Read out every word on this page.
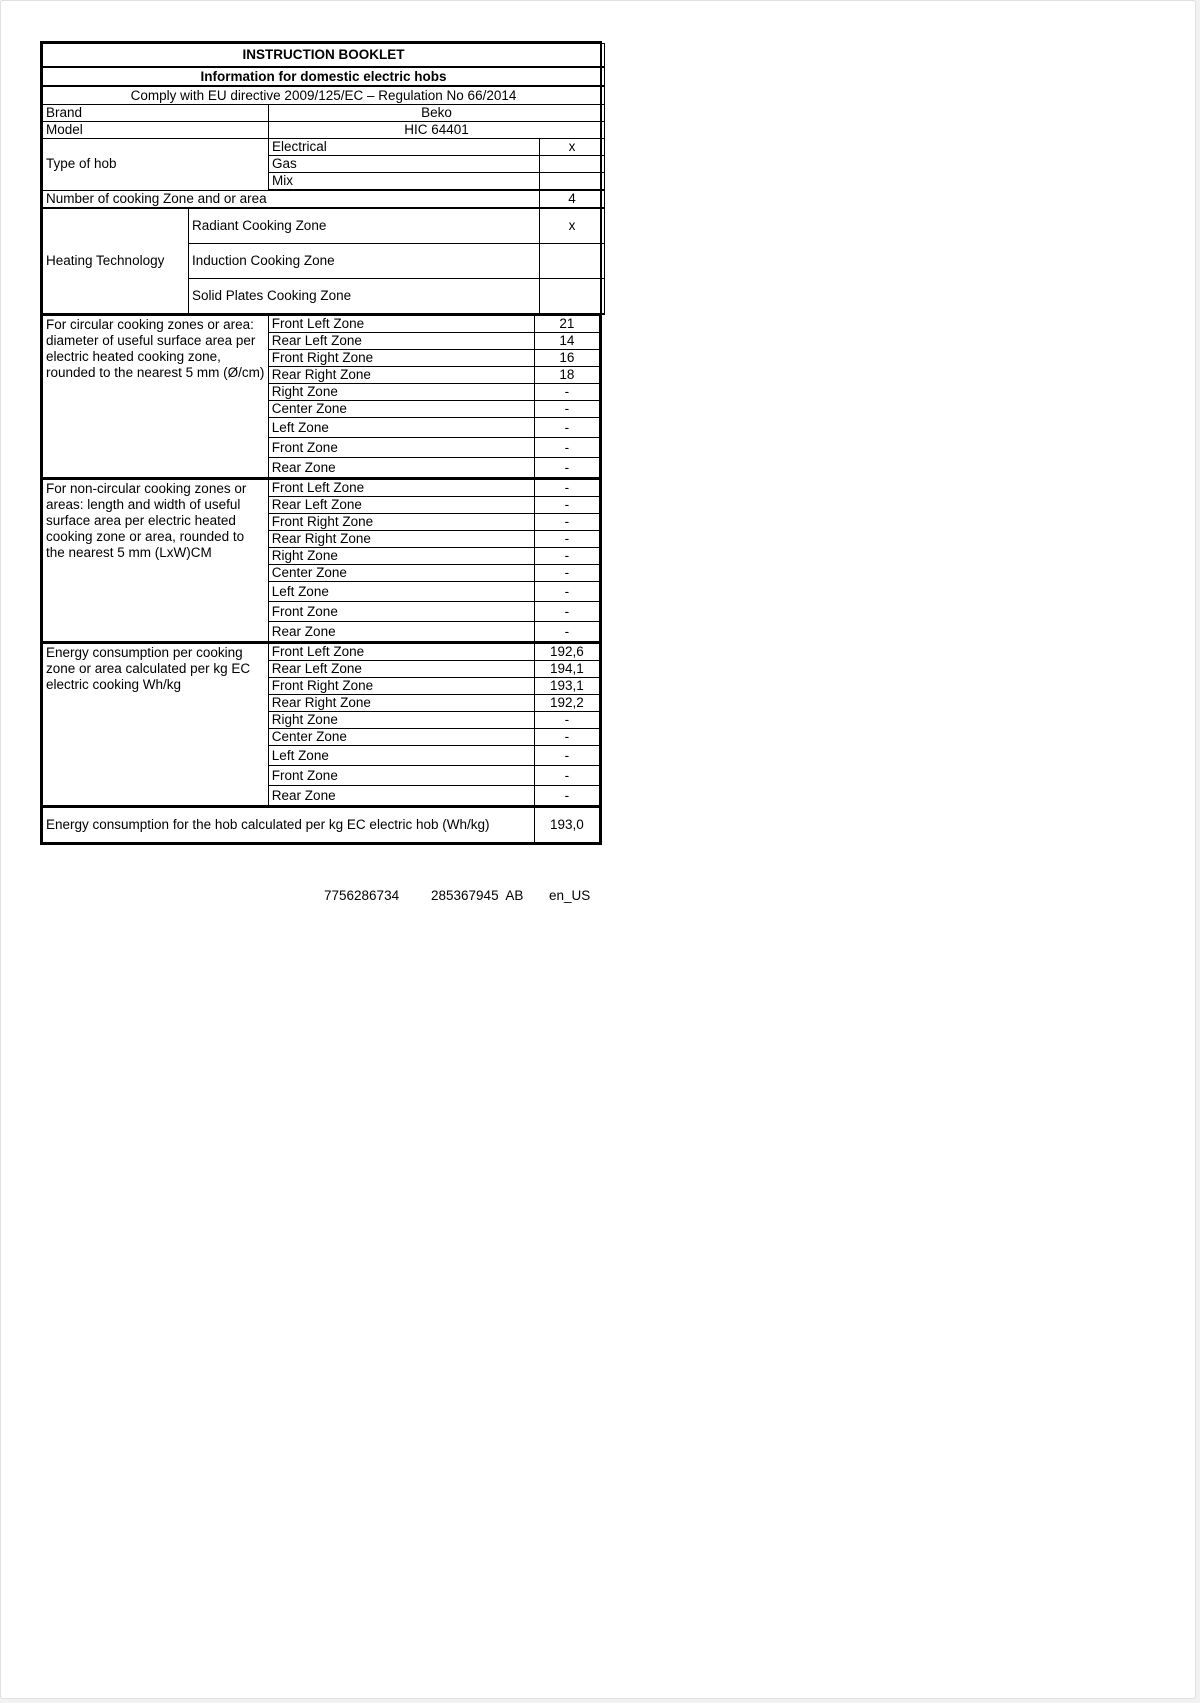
INSTRUCTION BOOKLET			
Information for domestic electric hobs			
Comply with EU directive 2009/125/EC – Regulation No 66/2014			
Brand		Beko	
Model		HIC 64401	
Type of hob		Electrical	x
		Gas	
		Mix	
Number of cooking Zone and or area			4
Heating Technology	Radiant Cooking Zone		x
	Induction Cooking Zone		
	Solid Plates Cooking Zone		
For circular cooking zones or area: diameter of useful surface area per electric heated cooking zone, rounded to the nearest 5 mm (Ø/cm)	Front Left Zone	21
	Rear Left Zone	14
	Front Right Zone	16
	Rear Right Zone	18
	Right Zone	-
	Center Zone	-
	Left Zone	-
	Front Zone	-
	Rear Zone	-
For non-circular cooking zones or areas: length and width of useful surface area per electric heated cooking zone or area, rounded to the nearest 5 mm (LxW)CM	Front Left Zone	-
	Rear Left Zone	-
	Front Right Zone	-
	Rear Right Zone	-
	Right Zone	-
	Center Zone	-
	Left Zone	-
	Front Zone	-
	Rear Zone	-
Energy consumption per cooking zone or area calculated per kg EC electric cooking Wh/kg	Front Left Zone	192,6
	Rear Left Zone	194,1
	Front Right Zone	193,1
	Rear Right Zone	192,2
	Right Zone	-
	Center Zone	-
	Left Zone	-
	Front Zone	-
	Rear Zone	-
Energy consumption for the hob calculated per kg EC electric hob (Wh/kg)	193,0
7756286734 285367945  AB en_US
